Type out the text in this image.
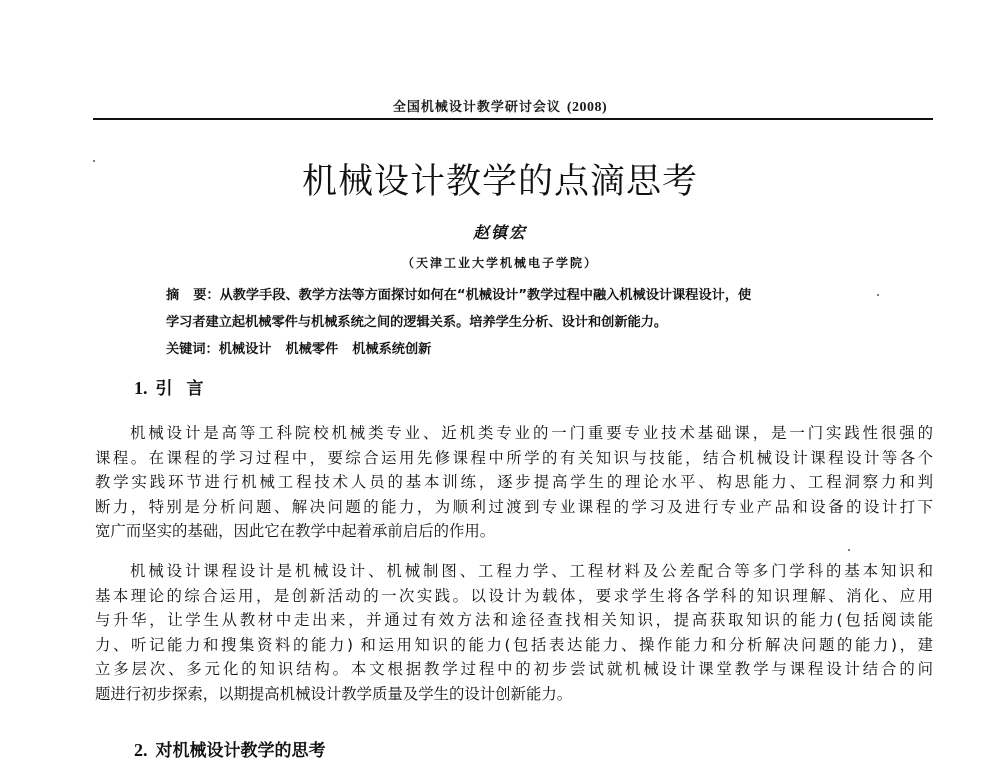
全国机械设计教学研讨会议 (2008)
机械设计教学的点滴思考
赵镇宏
（天津工业大学机械电子学院）
摘 要：从教学手段、教学方法等方面探讨如何在“机械设计”教学过程中融入机械设计课程设计，使
学习者建立起机械零件与机械系统之间的逻辑关系。培养学生分析、设计和创新能力。
关键词：机械设计 机械零件 机械系统创新
1. 引 言
机械设计是高等工科院校机械类专业、近机类专业的一门重要专业技术基础课，是一门实践性很强的
课程。在课程的学习过程中，要综合运用先修课程中所学的有关知识与技能，结合机械设计课程设计等各个
教学实践环节进行机械工程技术人员的基本训练，逐步提高学生的理论水平、构思能力、工程洞察力和判
断力，特别是分析问题、解决问题的能力，为顺利过渡到专业课程的学习及进行专业产品和设备的设计打下
宽广而坚实的基础，因此它在教学中起着承前启后的作用。
机械设计课程设计是机械设计、机械制图、工程力学、工程材料及公差配合等多门学科的基本知识和
基本理论的综合运用，是创新活动的一次实践。以设计为载体，要求学生将各学科的知识理解、消化、应用
与升华，让学生从教材中走出来，并通过有效方法和途径查找相关知识，提高获取知识的能力(包括阅读能
力、听记能力和搜集资料的能力) 和运用知识的能力(包括表达能力、操作能力和分析解决问题的能力)，建
立多层次、多元化的知识结构。本文根据教学过程中的初步尝试就机械设计课堂教学与课程设计结合的问
题进行初步探索，以期提高机械设计教学质量及学生的设计创新能力。
2. 对机械设计教学的思考
